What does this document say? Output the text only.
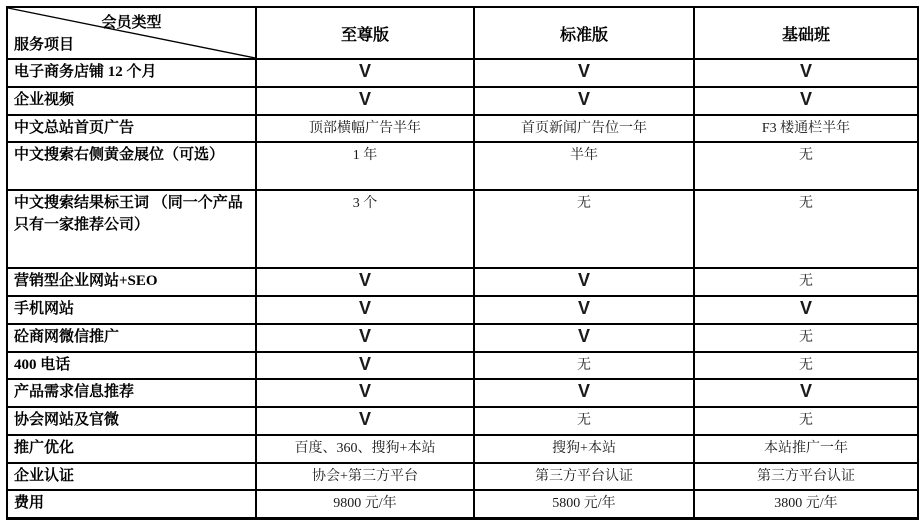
会员类型
服务项目	至尊版	标准版	基础班
电子商务店铺 12 个月	V	V	V
企业视频	V	V	V
中文总站首页广告	顶部横幅广告半年	首页新闻广告位一年	F3 楼通栏半年
中文搜索右侧黄金展位（可选）	1 年	半年	无
中文搜索结果标王词 （同一个产品只有一家推荐公司）	3 个	无	无
营销型企业网站+SEO	V	V	无
手机网站	V	V	V
砼商网微信推广	V	V	无
400 电话	V	无	无
产品需求信息推荐	V	V	V
协会网站及官微	V	无	无
推广优化	百度、360、搜狗+本站	搜狗+本站	本站推广一年
企业认证	协会+第三方平台	第三方平台认证	第三方平台认证
费用	9800 元/年	5800 元/年	3800 元/年
